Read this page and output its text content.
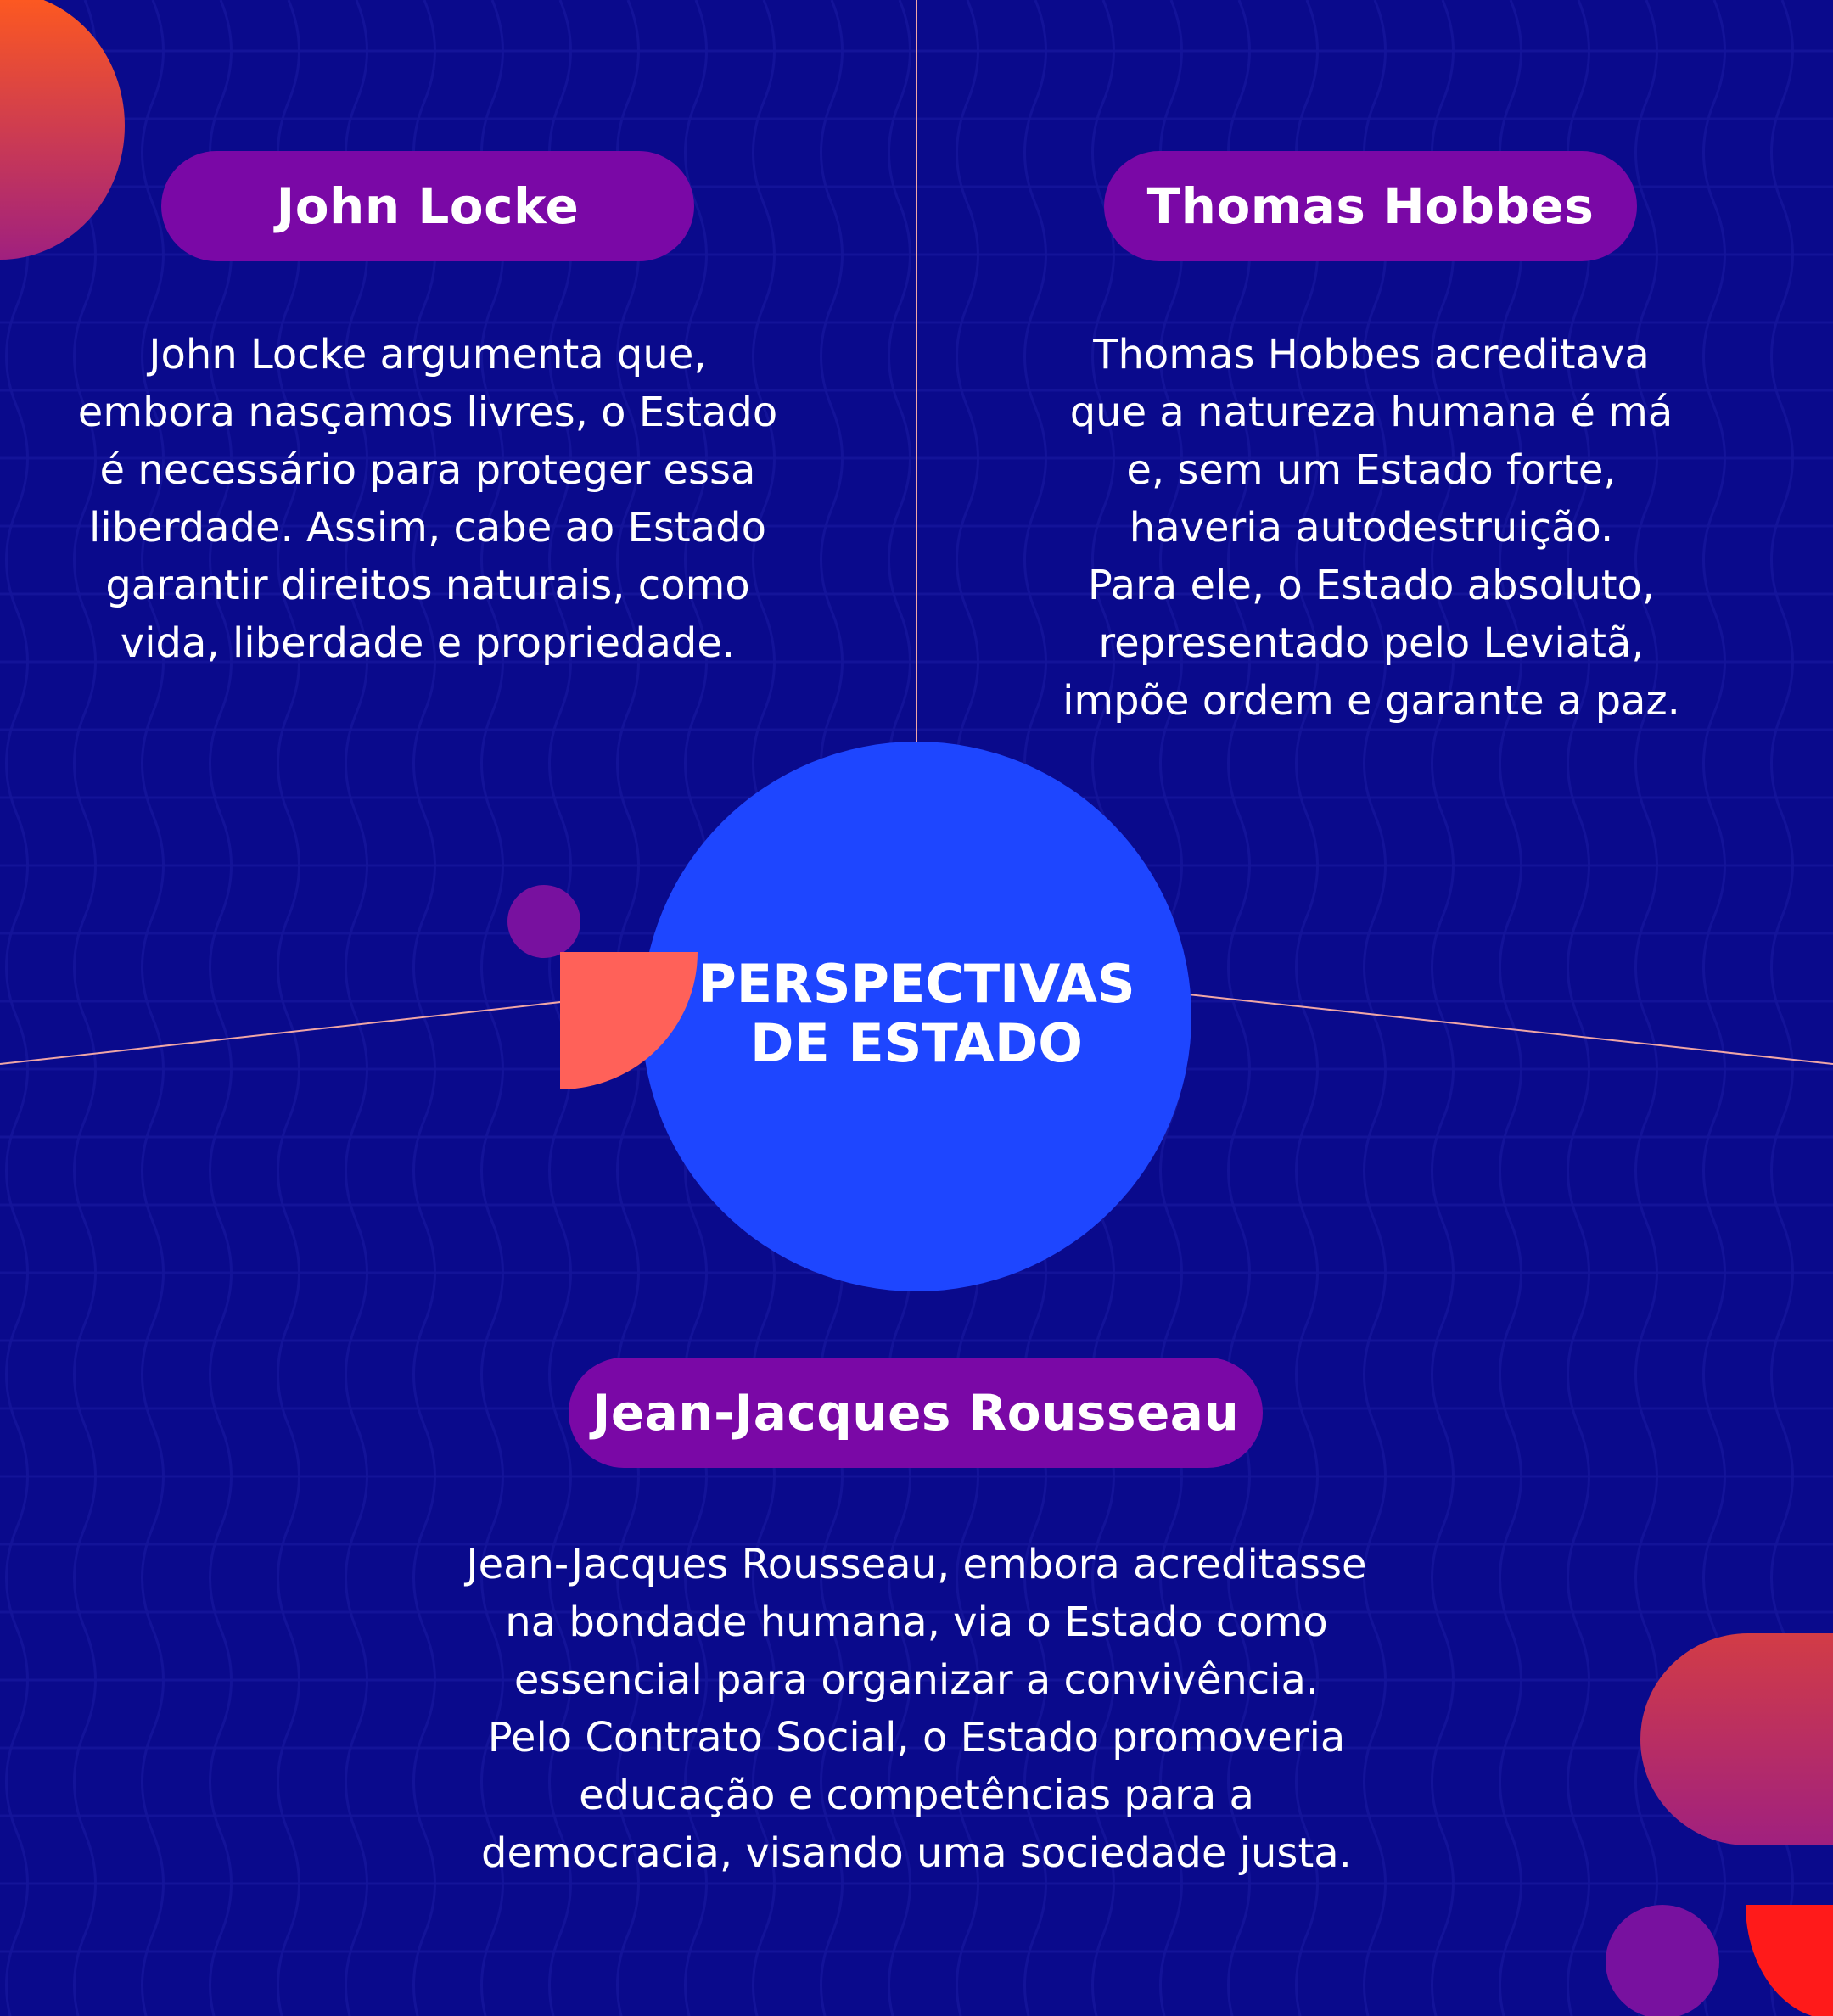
PERSPECTIVAS
DE ESTADO
John Locke
John Locke argumenta que,
embora nasçamos livres, o Estado
é necessário para proteger essa
liberdade. Assim, cabe ao Estado
garantir direitos naturais, como
vida, liberdade e propriedade.
Thomas Hobbes
Thomas Hobbes acreditava
que a natureza humana é má
e, sem um Estado forte,
haveria autodestruição.
Para ele, o Estado absoluto,
representado pelo Leviatã,
impõe ordem e garante a paz.
Jean-Jacques Rousseau
Jean-Jacques Rousseau, embora acreditasse
na bondade humana, via o Estado como
essencial para organizar a convivência.
Pelo Contrato Social, o Estado promoveria
educação e competências para a
democracia, visando uma sociedade justa.
